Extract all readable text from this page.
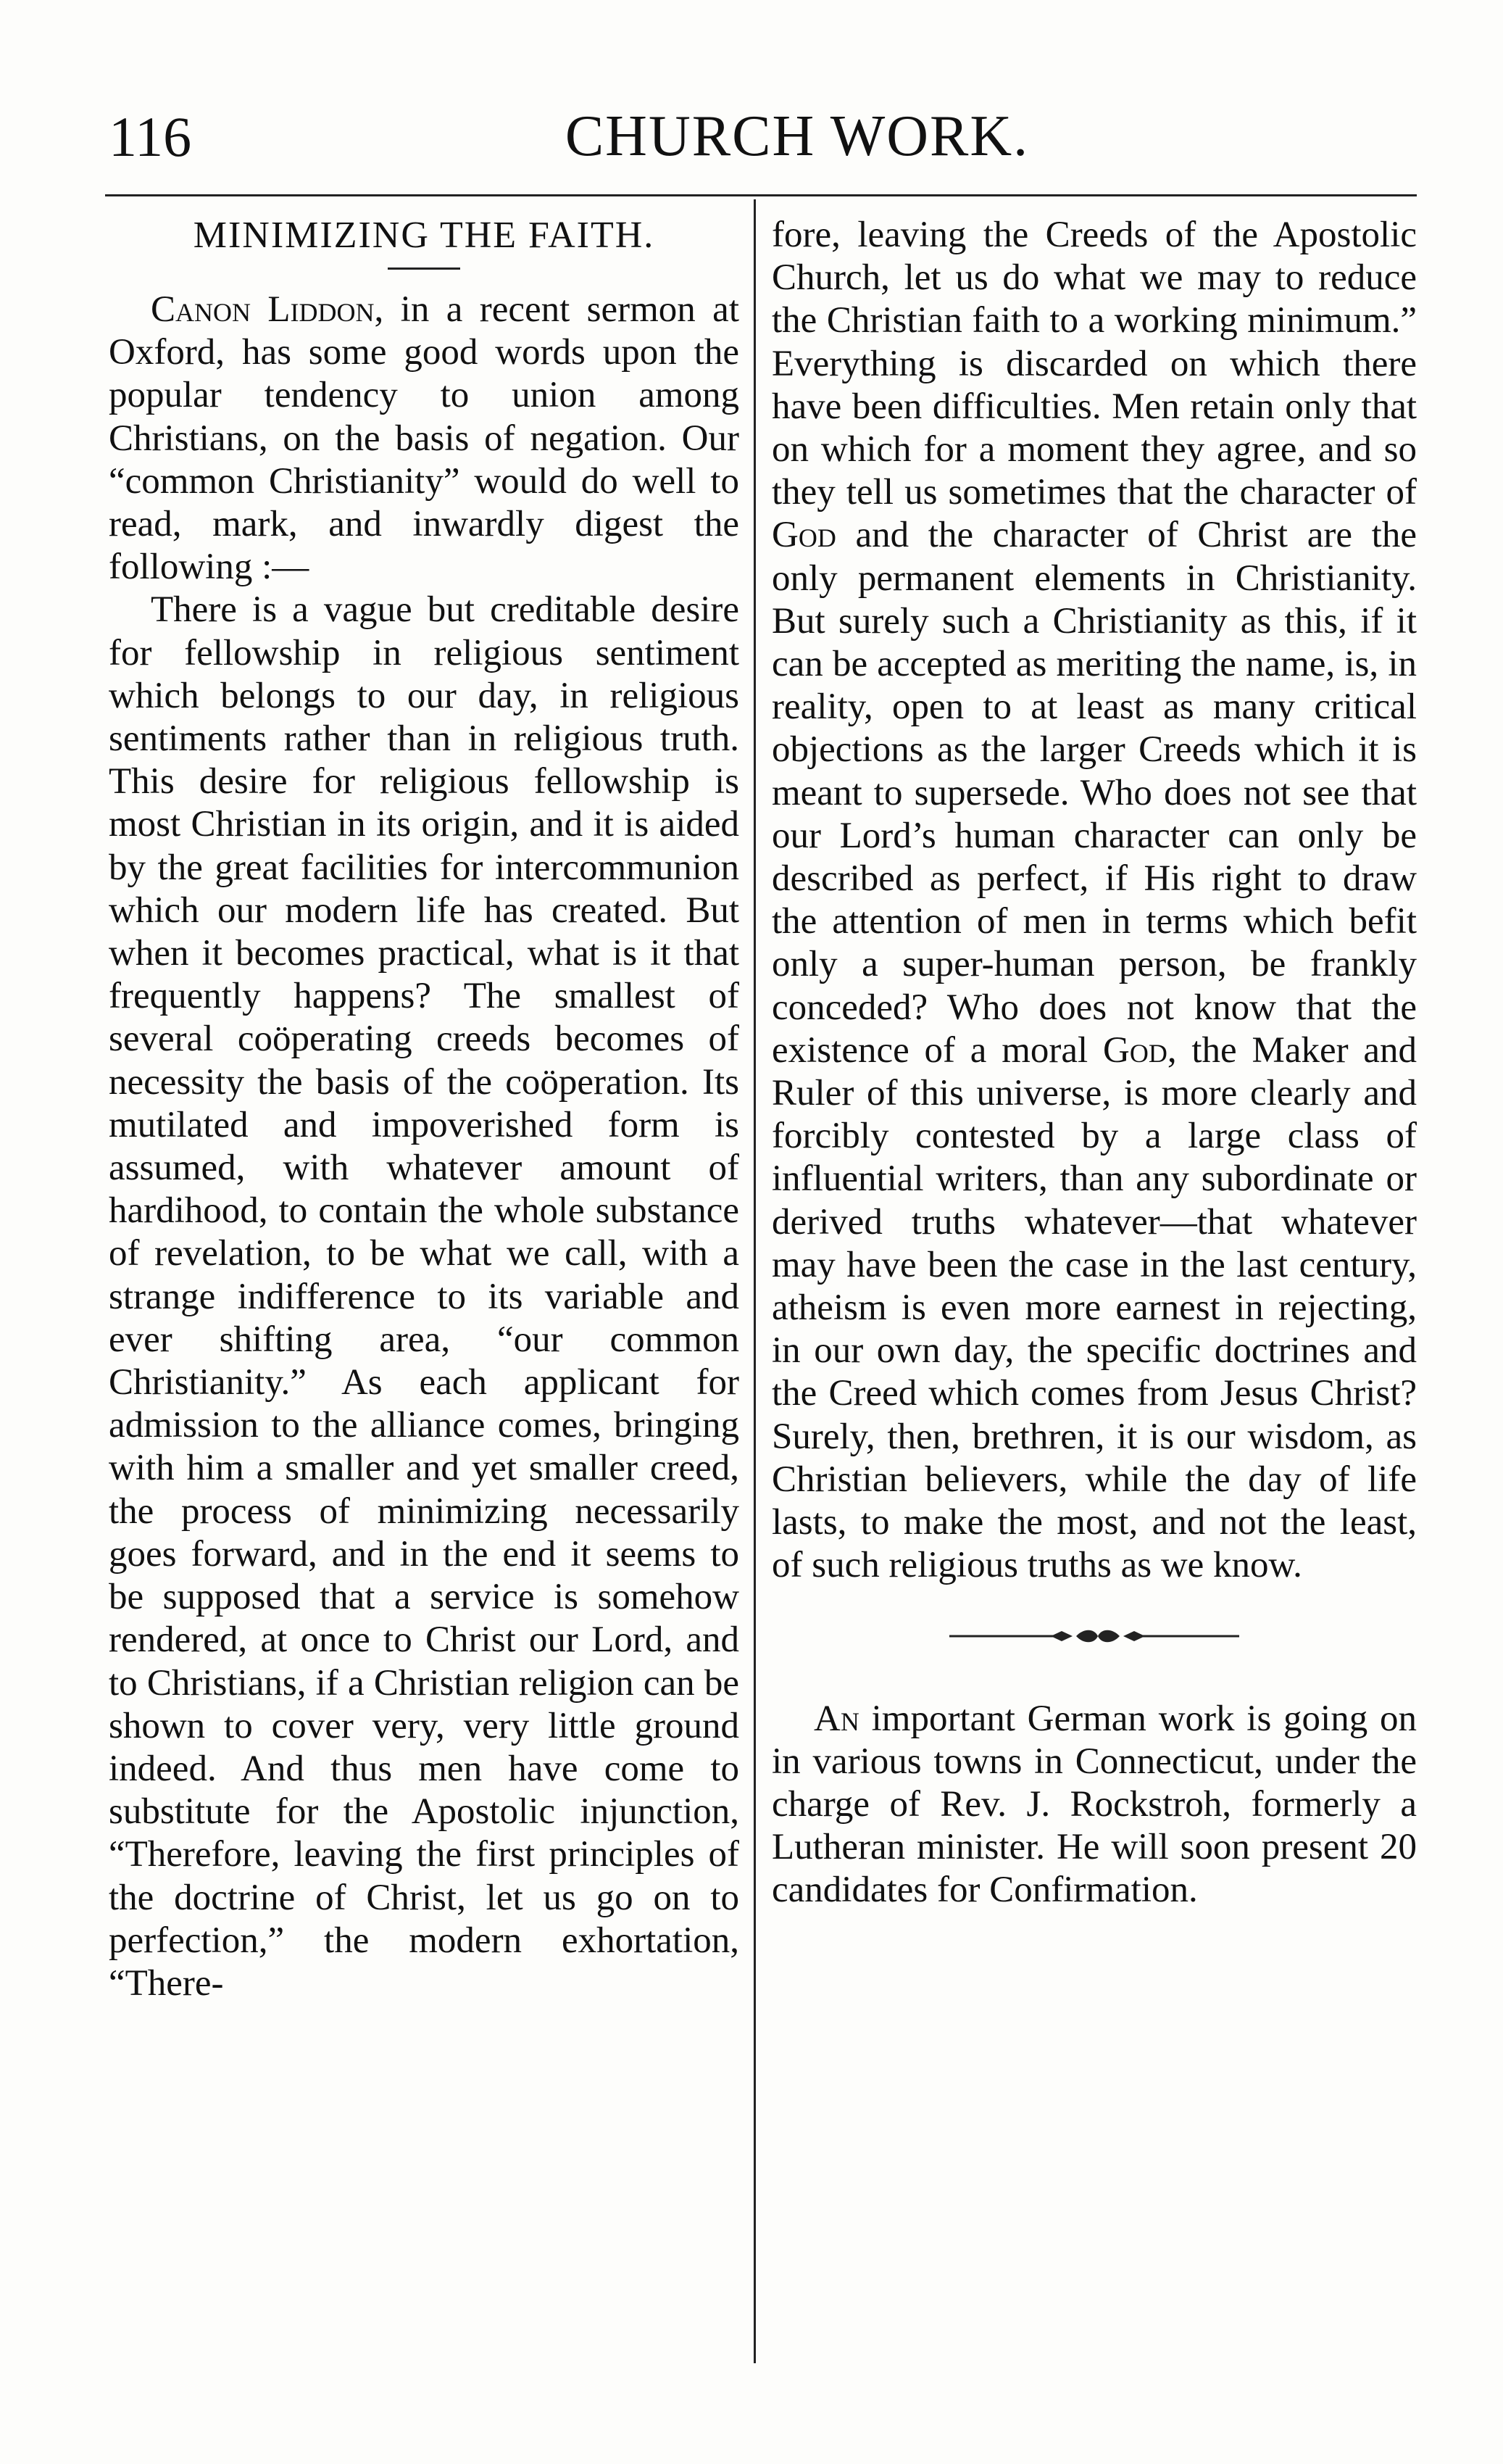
116	CHURCH WORK.
MINIMIZING THE FAITH.

Canon Liddon, in a recent sermon at Oxford, has some good words upon the popular tendency to union among Christians, on the basis of negation. Our “common Christianity” would do well to read, mark, and inwardly digest the following :—

There is a vague but creditable desire for fellowship in religious sentiment which belongs to our day, in religious sentiments rather than in religious truth. This desire for religious fellowship is most Christian in its origin, and it is aided by the great facilities for intercommunion which our modern life has created. But when it becomes practical, what is it that frequently happens? The smallest of several coöperating creeds becomes of necessity the basis of the coöperation. Its mutilated and impoverished form is assumed, with whatever amount of hardihood, to contain the whole substance of revelation, to be what we call, with a strange indifference to its variable and ever shifting area, “our common Christianity.” As each applicant for admission to the alliance comes, bringing with him a smaller and yet smaller creed, the process of minimizing necessarily goes forward, and in the end it seems to be supposed that a service is somehow rendered, at once to Christ our Lord, and to Christians, if a Christian religion can be shown to cover very, very little ground indeed. And thus men have come to substitute for the Apostolic injunction, “Therefore, leaving the first principles of the doctrine of Christ, let us go on to perfection,” the modern exhortation, “There-

fore, leaving the Creeds of the Apostolic Church, let us do what we may to reduce the Christian faith to a working minimum.” Everything is discarded on which there have been difficulties. Men retain only that on which for a moment they agree, and so they tell us sometimes that the character of God and the character of Christ are the only permanent elements in Christianity. But surely such a Christianity as this, if it can be accepted as meriting the name, is, in reality, open to at least as many critical objections as the larger Creeds which it is meant to supersede. Who does not see that our Lord’s human character can only be described as perfect, if His right to draw the attention of men in terms which befit only a super-human person, be frankly conceded? Who does not know that the existence of a moral God, the Maker and Ruler of this universe, is more clearly and forcibly contested by a large class of influential writers, than any subordinate or derived truths whatever—that whatever may have been the case in the last century, atheism is even more earnest in rejecting, in our own day, the specific doctrines and the Creed which comes from Jesus Christ? Surely, then, brethren, it is our wisdom, as Christian believers, while the day of life lasts, to make the most, and not the least, of such religious truths as we know.

An important German work is going on in various towns in Connecticut, under the charge of Rev. J. Rockstroh, formerly a Lutheran minister. He will soon present 20 candidates for Confirmation.
